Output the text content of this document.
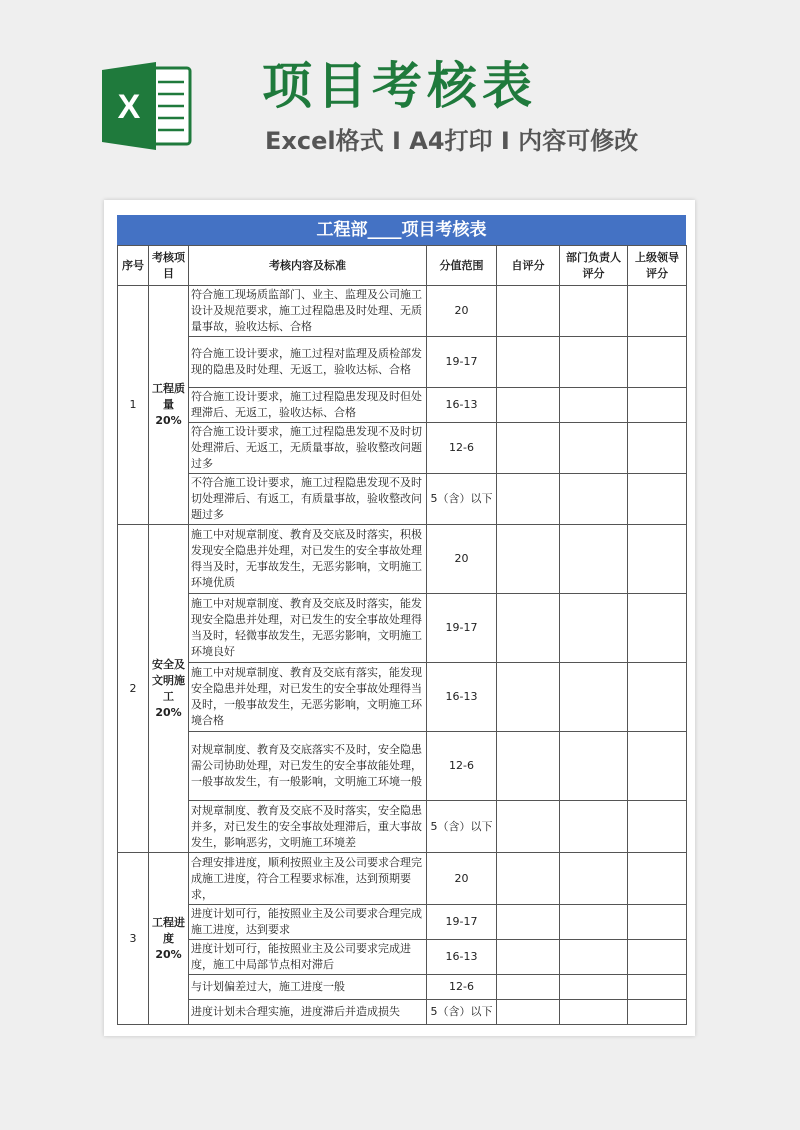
X 项目考核表
Excel格式 I A4打印 I 内容可修改
工程部____项目考核表
序号	考核项目	考核内容及标准	分值范围	自评分	部门负责人评分	上级领导评分
1	工程质量20%	符合施工现场质监部门、业主、监理及公司施工设计及规范要求，施工过程隐患及时处理、无质量事故，验收达标、合格	20			
		符合施工设计要求，施工过程对监理及质检部发现的隐患及时处理、无返工，验收达标、合格	19-17			
		符合施工设计要求，施工过程隐患发现及时但处理滞后、无返工，验收达标、合格	16-13			
		符合施工设计要求，施工过程隐患发现不及时切处理滞后、无返工，无质量事故，验收整改问题过多	12-6			
		不符合施工设计要求，施工过程隐患发现不及时切处理滞后、有返工，有质量事故，验收整改问题过多	5（含）以下			
2	安全及文明施工20%	施工中对规章制度、教育及交底及时落实，积极发现安全隐患并处理，对已发生的安全事故处理得当及时，无事故发生，无恶劣影响，文明施工环境优质	20			
		施工中对规章制度、教育及交底及时落实，能发现安全隐患并处理，对已发生的安全事故处理得当及时，轻微事故发生，无恶劣影响，文明施工环境良好	19-17			
		施工中对规章制度、教育及交底有落实，能发现安全隐患并处理，对已发生的安全事故处理得当及时，一般事故发生，无恶劣影响，文明施工环境合格	16-13			
		对规章制度、教育及交底落实不及时，安全隐患需公司协助处理，对已发生的安全事故能处理，一般事故发生，有一般影响，文明施工环境一般	12-6			
		对规章制度、教育及交底不及时落实，安全隐患并多，对已发生的安全事故处理滞后，重大事故发生，影响恶劣，文明施工环境差	5（含）以下			
3	工程进度20%	合理安排进度，顺利按照业主及公司要求合理完成施工进度，符合工程要求标准，达到预期要求，	20			
		进度计划可行，能按照业主及公司要求合理完成施工进度，达到要求	19-17			
		进度计划可行，能按照业主及公司要求完成进度，施工中局部节点相对滞后	16-13			
		与计划偏差过大，施工进度一般	12-6			
		进度计划未合理实施，进度滞后并造成损失	5（含）以下			
